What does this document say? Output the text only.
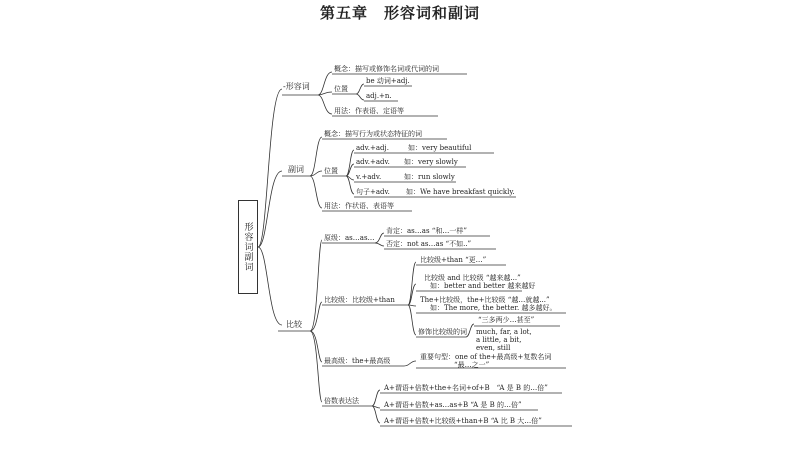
第五章　形容词和副词
形容词副词
-形容词
概念：描写或修饰名词或代词的词
位置
be 动词+adj.
adj.+n.
用法：作表语、定语等
副词
概念：描写行为或状态特征的词
位置
adv.+adj.	如：very beautiful
adv.+adv. 如：very slowly
v.+adv.	如：run slowly
句子+adv. 如：We have breakfast quickly.
用法：作状语、表语等
比较
原级：as…as…
肯定：as…as “和…一样”
否定：not as…as “不如..”
比较级：比较级+than
比较级+than “更…”
比较级 and 比较级 “越来越...”
如：better and better 越来越好
The+比较级，the+比较级 “越…就越...”
如：The more, the better. 越多越好。
“三多两少…甚至”
修饰比较级的词 much, far, a lot,
a little, a bit,
even, still
最高级：the+最高级	重要句型：one of the+最高级+复数名词
“最…之一”
倍数表达法
A+谓语+倍数+the+名词+of+B　“A 是 B 的…倍”
A+谓语+倍数+as…as+B “A 是 B 的…倍”
A+谓语+倍数+比较级+than+B “A 比 B 大…倍”
